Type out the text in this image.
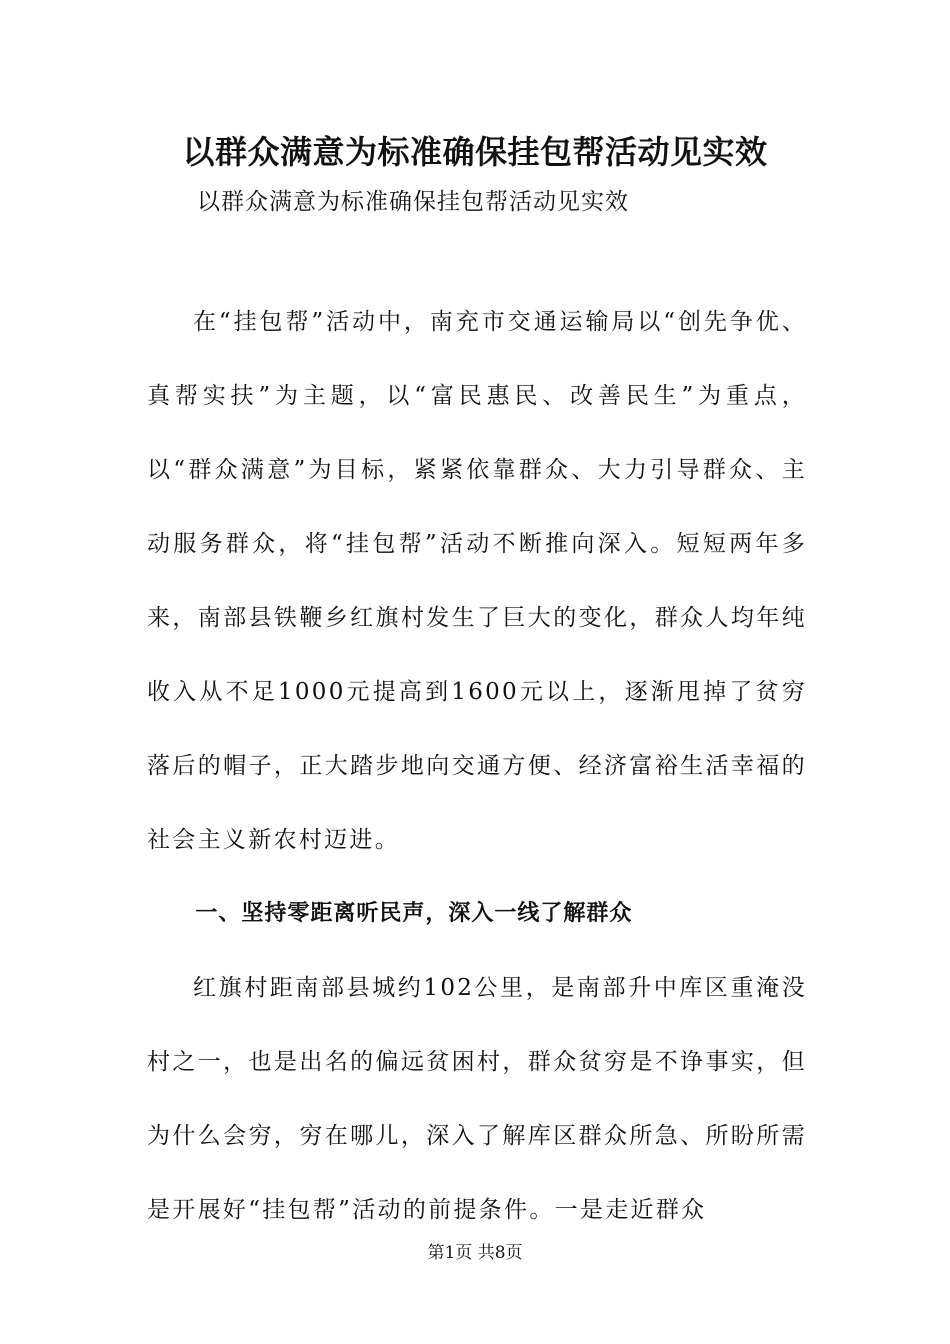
以群众满意为标准确保挂包帮活动见实效

以群众满意为标准确保挂包帮活动见实效

在“挂包帮”活动中，南充市交通运输局以“创先争优、真帮实扶”为主题，以“富民惠民、改善民生”为重点，以“群众满意”为目标，紧紧依靠群众、大力引导群众、主动服务群众，将“挂包帮”活动不断推向深入。短短两年多来，南部县铁鞭乡红旗村发生了巨大的变化，群众人均年纯收入从不足1000元提高到1600元以上，逐渐甩掉了贫穷落后的帽子，正大踏步地向交通方便、经济富裕生活幸福的社会主义新农村迈进。

一、坚持零距离听民声，深入一线了解群众

红旗村距南部县城约102公里，是南部升中库区重淹没村之一，也是出名的偏远贫困村，群众贫穷是不诤事实，但为什么会穷，穷在哪儿，深入了解库区群众所急、所盼所需是开展好“挂包帮”活动的前提条件。一是走近群众

第1页 共8页
